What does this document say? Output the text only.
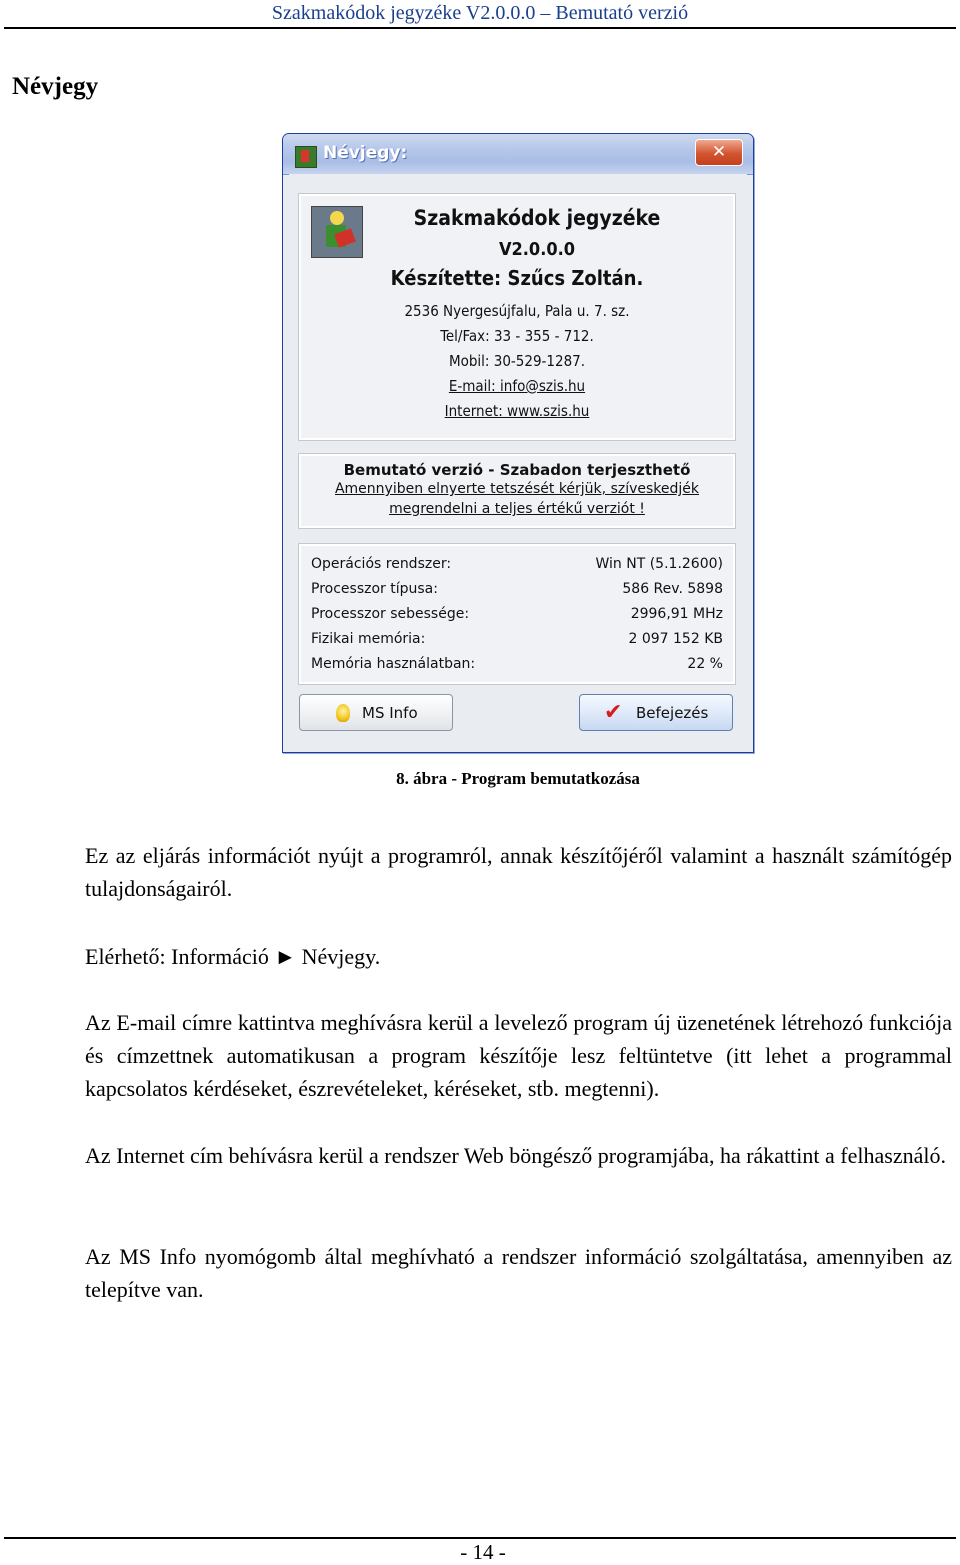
Szakmakódok jegyzéke V2.0.0.0 – Bemutató verzió
Névjegy
Névjegy:	✕
Szakmakódok jegyzéke
V2.0.0.0
Készítette: Szűcs Zoltán.
2536 Nyergesújfalu, Pala u. 7. sz.
Tel/Fax: 33 - 355 - 712.
Mobil: 30-529-1287.
E-mail: info@szis.hu
Internet: www.szis.hu
Bemutató verzió - Szabadon terjeszthető
Amennyiben elnyerte tetszését kérjük, szíveskedjék
megrendelni a teljes értékű verziót !
Operációs rendszer:	Win NT (5.1.2600)
Processzor típusa:	586 Rev. 5898
Processzor sebessége:	2996,91 MHz
Fizikai memória:	2 097 152 KB
Memória használatban:	22 %
MS Info	✔ Befejezés
8. ábra - Program bemutatkozása
Ez az eljárás információt nyújt a programról, annak készítőjéről valamint a használt számítógép tulajdonságairól.
Elérhető: Információ ► Névjegy.
Az E-mail címre kattintva meghívásra kerül a levelező program új üzenetének létrehozó funkciója és címzettnek automatikusan a program készítője lesz feltüntetve (itt lehet a programmal kapcsolatos kérdéseket, észrevételeket, kéréseket, stb. megtenni).
Az Internet cím behívásra kerül a rendszer Web böngésző programjába, ha rákattint a felhasználó.
Az MS Info nyomógomb által meghívható a rendszer információ szolgáltatása, amennyiben az telepítve van.
- 14 -
